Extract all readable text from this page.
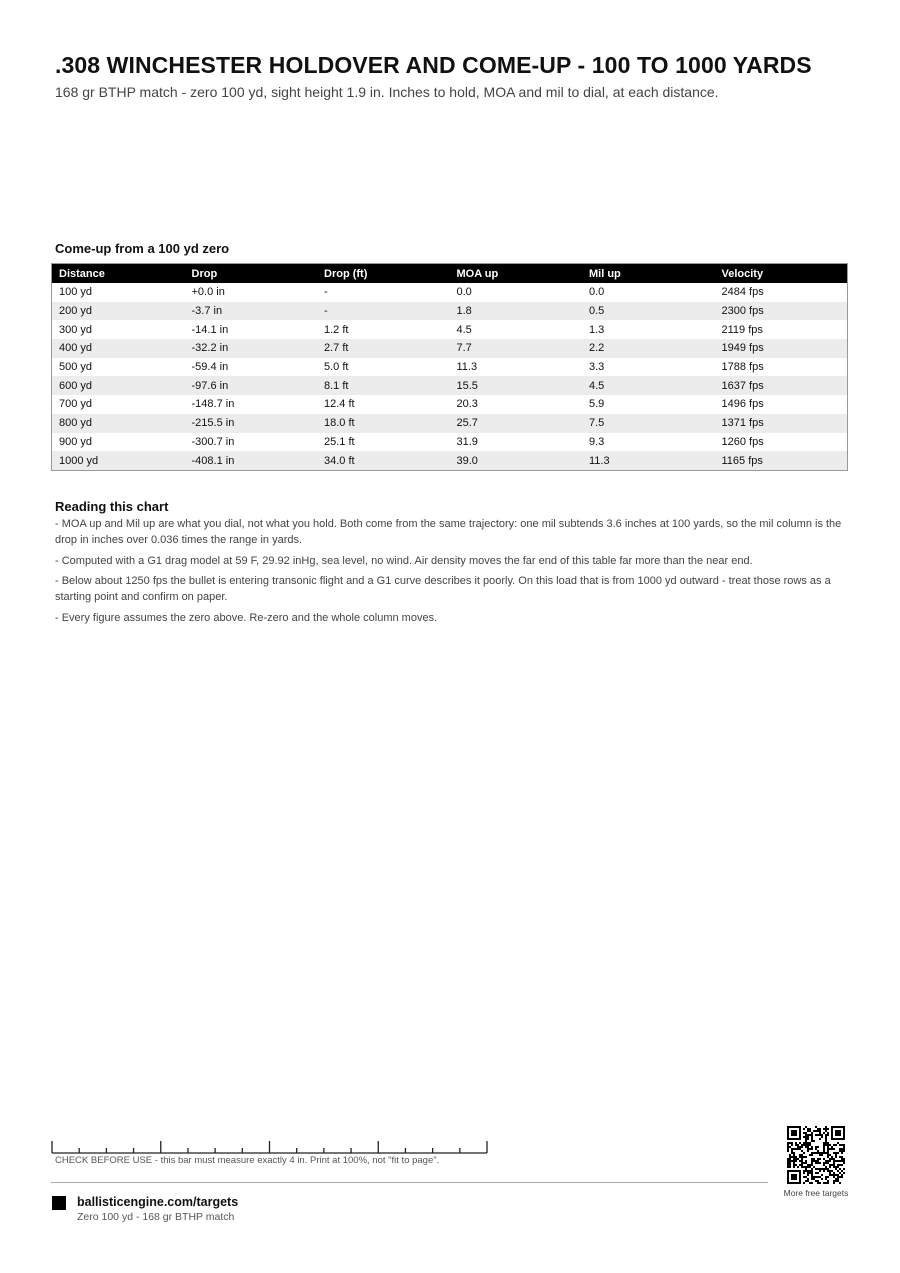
.308 WINCHESTER HOLDOVER AND COME-UP - 100 TO 1000 YARDS

168 gr BTHP match - zero 100 yd, sight height 1.9 in. Inches to hold, MOA and mil to dial, at each distance.

Come-up from a 100 yd zero
Distance	Drop	Drop (ft)	MOA up	Mil up	Velocity
100 yd	+0.0 in	-	0.0	0.0	2484 fps
200 yd	-3.7 in	-	1.8	0.5	2300 fps
300 yd	-14.1 in	1.2 ft	4.5	1.3	2119 fps
400 yd	-32.2 in	2.7 ft	7.7	2.2	1949 fps
500 yd	-59.4 in	5.0 ft	11.3	3.3	1788 fps
600 yd	-97.6 in	8.1 ft	15.5	4.5	1637 fps
700 yd	-148.7 in	12.4 ft	20.3	5.9	1496 fps
800 yd	-215.5 in	18.0 ft	25.7	7.5	1371 fps
900 yd	-300.7 in	25.1 ft	31.9	9.3	1260 fps
1000 yd	-408.1 in	34.0 ft	39.0	11.3	1165 fps
Reading this chart

- MOA up and Mil up are what you dial, not what you hold. Both come from the same trajectory: one mil subtends 3.6 inches at 100 yards, so the mil column is the drop in inches over 0.036 times the range in yards.

- Computed with a G1 drag model at 59 F, 29.92 inHg, sea level, no wind. Air density moves the far end of this table far more than the near end.

- Below about 1250 fps the bullet is entering transonic flight and a G1 curve describes it poorly. On this load that is from 1000 yd outward - treat those rows as a starting point and confirm on paper.

- Every figure assumes the zero above. Re-zero and the whole column moves.

CHECK BEFORE USE - this bar must measure exactly 4 in. Print at 100%, not "fit to page".

ballisticengine.com/targets

Zero 100 yd - 168 gr BTHP match

More free targets
